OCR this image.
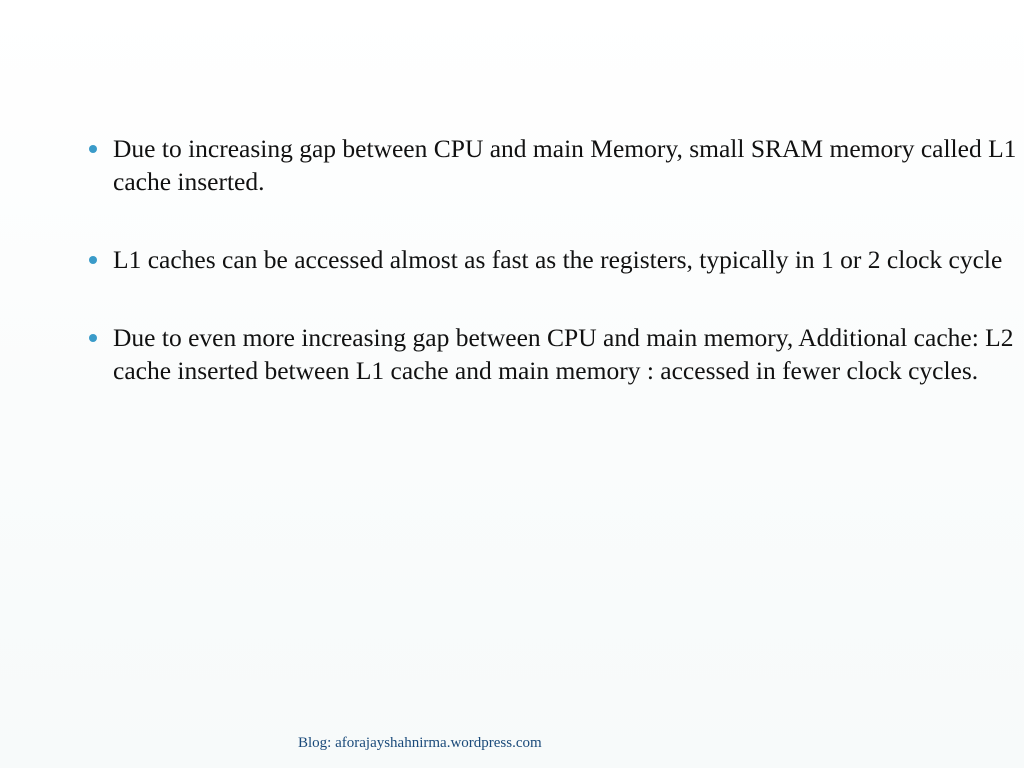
Due to increasing gap between CPU and main Memory, small SRAM memory called L1 cache inserted.
L1 caches can be accessed almost as fast as the registers, typically in 1 or 2 clock cycle
Due to even more increasing gap between CPU and main memory, Additional cache: L2 cache inserted between L1 cache and main memory : accessed in fewer clock cycles.
Blog: aforajayshahnirma.wordpress.com
